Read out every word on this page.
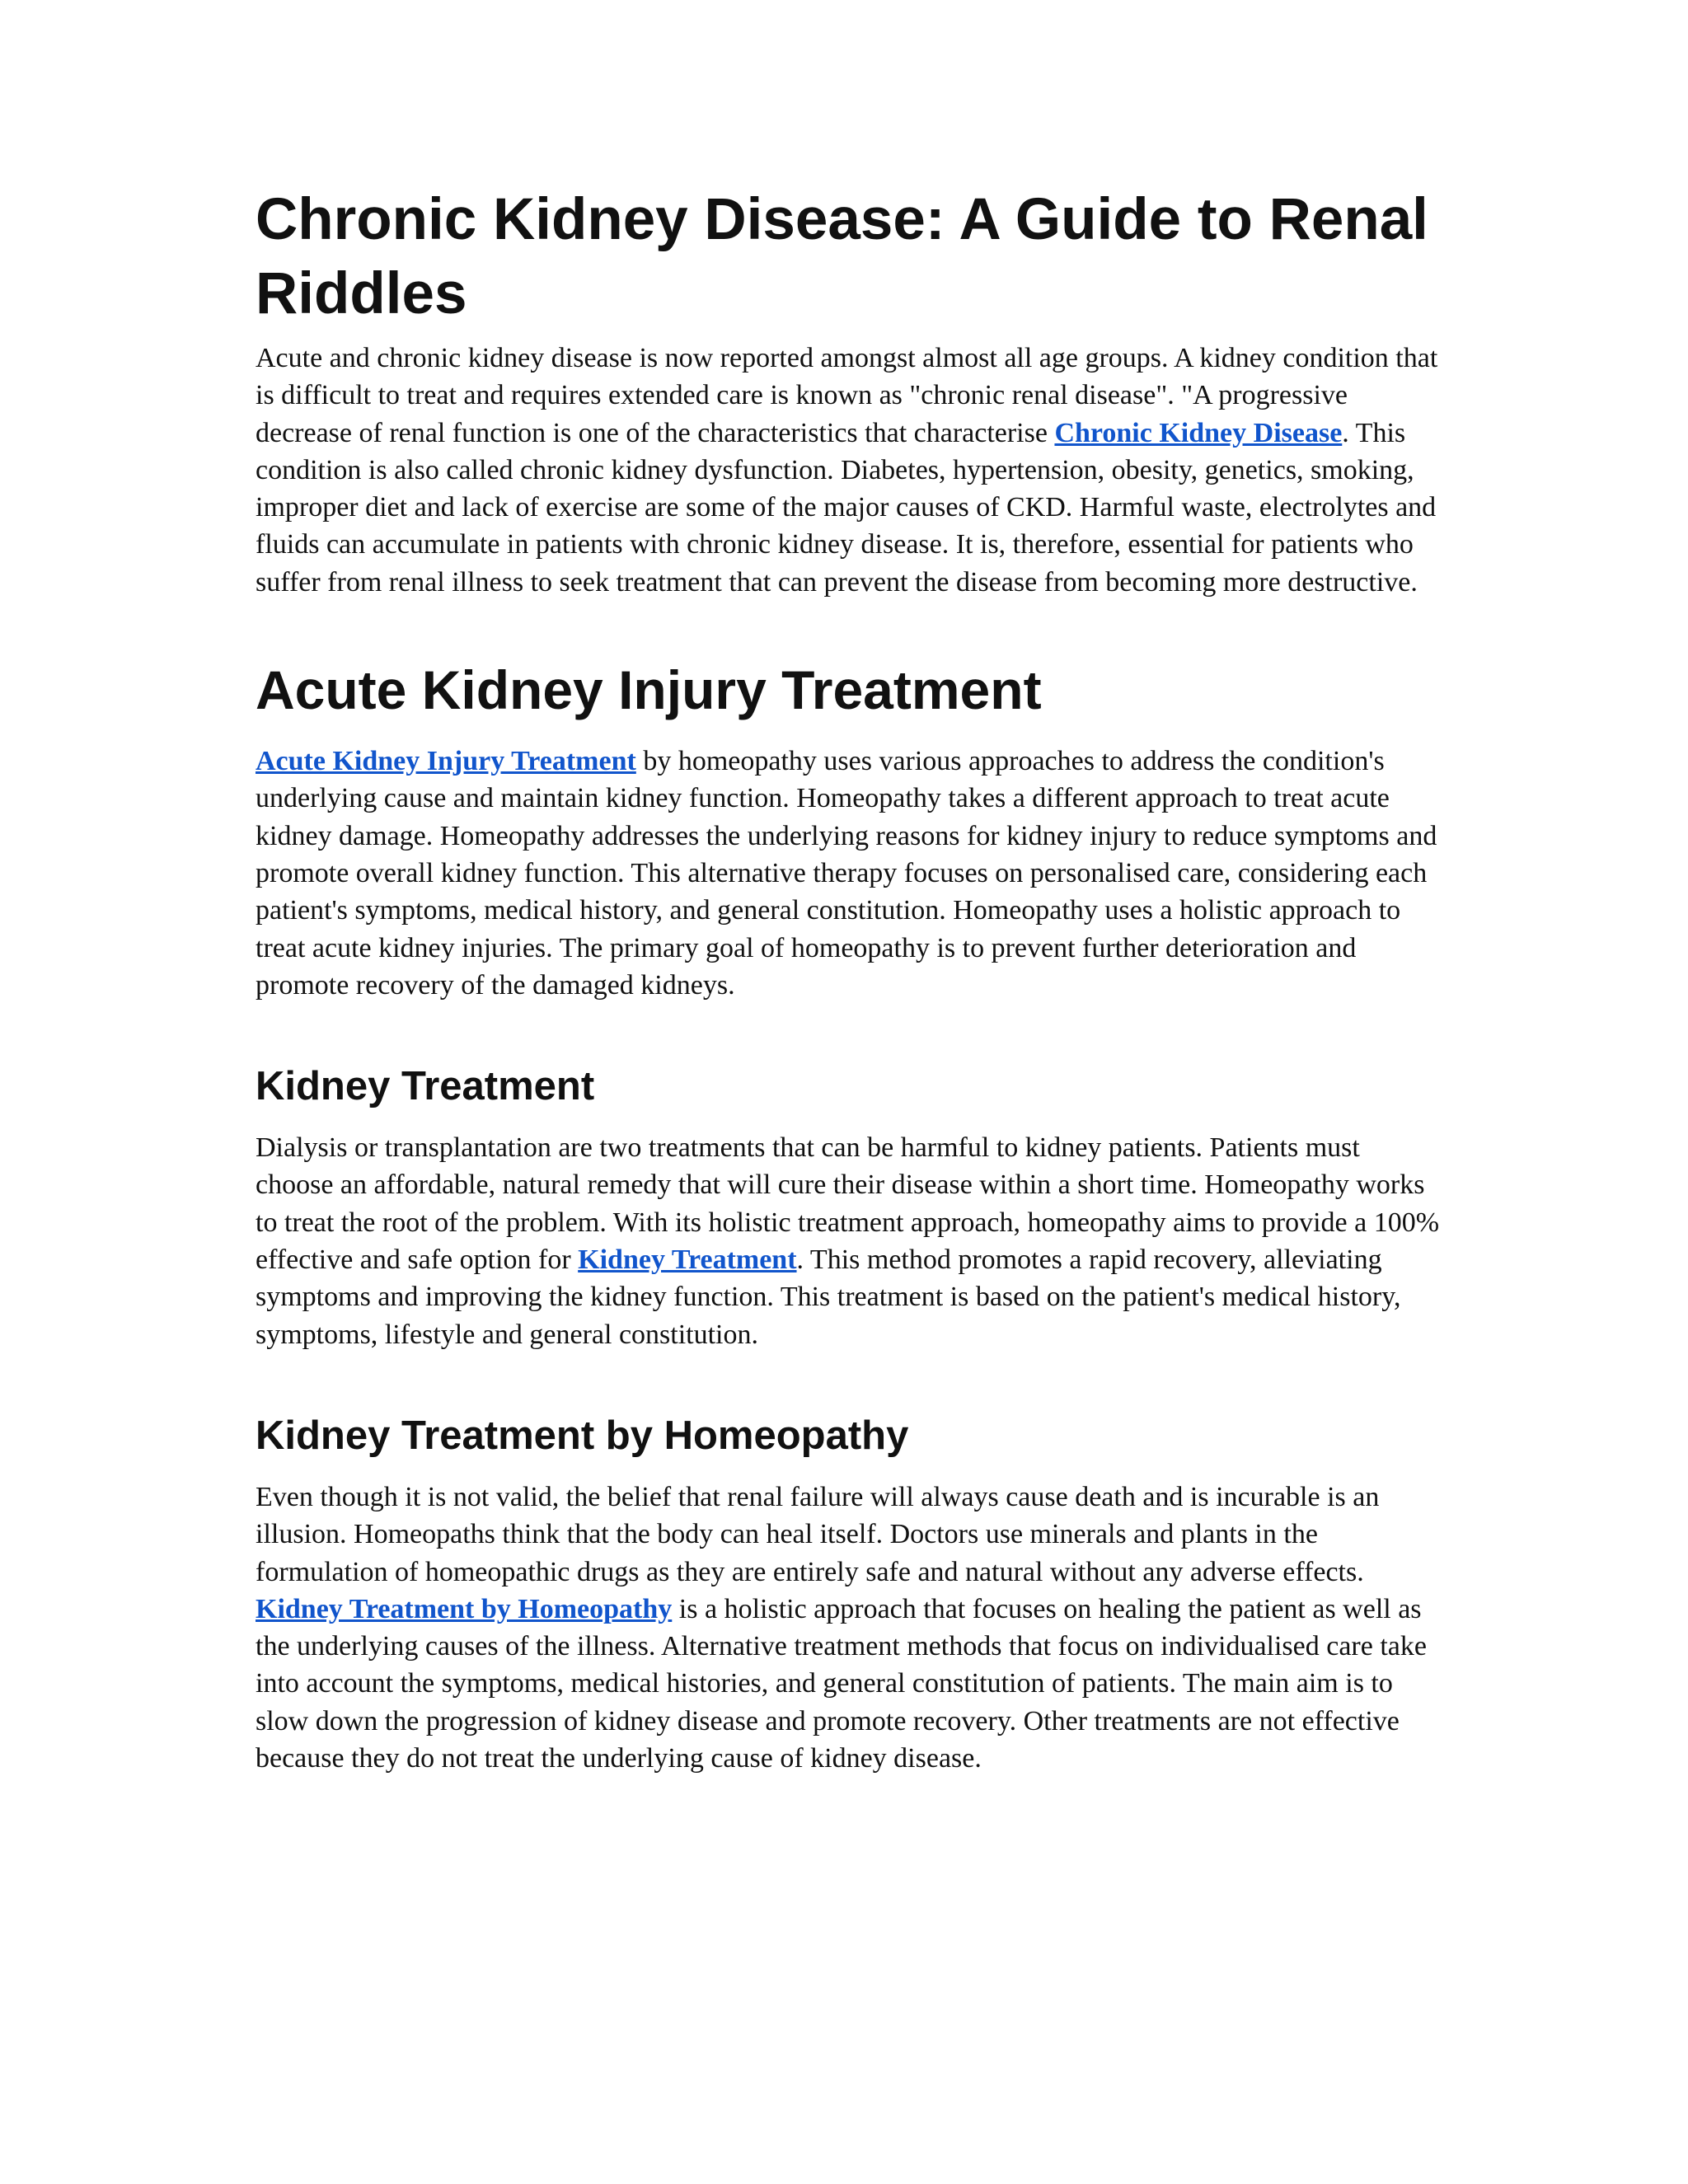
Chronic Kidney Disease: A Guide to Renal Riddles

Acute and chronic kidney disease is now reported amongst almost all age groups. A kidney condition that is difficult to treat and requires extended care is known as "chronic renal disease". "A progressive decrease of renal function is one of the characteristics that characterise Chronic Kidney Disease. This condition is also called chronic kidney dysfunction. Diabetes, hypertension, obesity, genetics, smoking, improper diet and lack of exercise are some of the major causes of CKD. Harmful waste, electrolytes and fluids can accumulate in patients with chronic kidney disease. It is, therefore, essential for patients who suffer from renal illness to seek treatment that can prevent the disease from becoming more destructive.

Acute Kidney Injury Treatment

Acute Kidney Injury Treatment by homeopathy uses various approaches to address the condition's underlying cause and maintain kidney function. Homeopathy takes a different approach to treat acute kidney damage. Homeopathy addresses the underlying reasons for kidney injury to reduce symptoms and promote overall kidney function. This alternative therapy focuses on personalised care, considering each patient's symptoms, medical history, and general constitution. Homeopathy uses a holistic approach to treat acute kidney injuries. The primary goal of homeopathy is to prevent further deterioration and promote recovery of the damaged kidneys.

Kidney Treatment

Dialysis or transplantation are two treatments that can be harmful to kidney patients. Patients must choose an affordable, natural remedy that will cure their disease within a short time. Homeopathy works to treat the root of the problem. With its holistic treatment approach, homeopathy aims to provide a 100% effective and safe option for Kidney Treatment. This method promotes a rapid recovery, alleviating symptoms and improving the kidney function. This treatment is based on the patient's medical history, symptoms, lifestyle and general constitution.

Kidney Treatment by Homeopathy

Even though it is not valid, the belief that renal failure will always cause death and is incurable is an illusion. Homeopaths think that the body can heal itself. Doctors use minerals and plants in the formulation of homeopathic drugs as they are entirely safe and natural without any adverse effects. Kidney Treatment by Homeopathy is a holistic approach that focuses on healing the patient as well as the underlying causes of the illness. Alternative treatment methods that focus on individualised care take into account the symptoms, medical histories, and general constitution of patients. The main aim is to slow down the progression of kidney disease and promote recovery. Other treatments are not effective because they do not treat the underlying cause of kidney disease.
